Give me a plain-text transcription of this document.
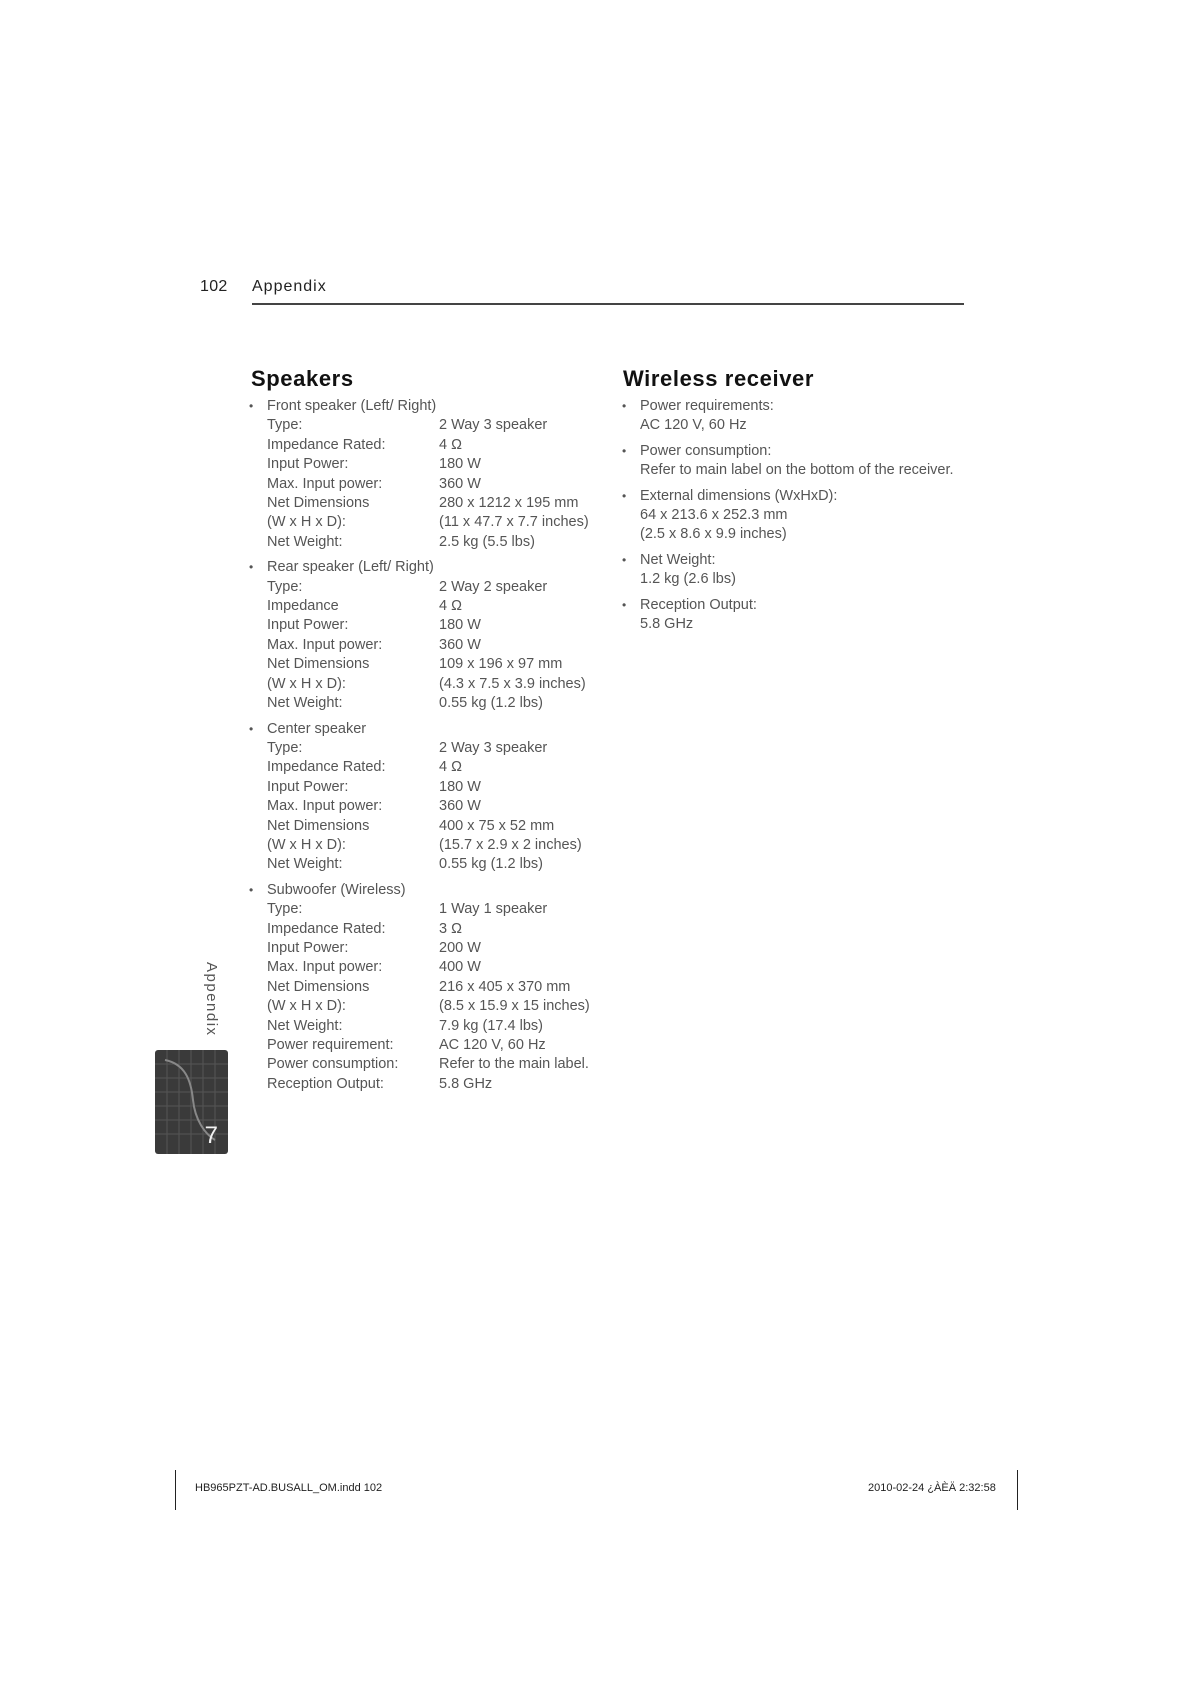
102 Appendix
Speakers	Wireless receiver
• Front speaker (Left/ Right)
Type:	2 Way 3 speaker
Impedance Rated:	4 Ω
Input Power:	180 W
Max. Input power:	360 W
Net Dimensions	280 x 1212 x 195 mm
(W x H x D):	(11 x 47.7 x 7.7 inches)
Net Weight:	2.5 kg (5.5 lbs)
• Rear speaker (Left/ Right)
Type:	2 Way 2 speaker
Impedance	4 Ω
Input Power:	180 W
Max. Input power:	360 W
Net Dimensions	109 x 196 x 97 mm
(W x H x D):	(4.3 x 7.5 x 3.9 inches)
Net Weight:	0.55 kg (1.2 lbs)
• Center speaker
Type:	2 Way 3 speaker
Impedance Rated:	4 Ω
Input Power:	180 W
Max. Input power:	360 W
Net Dimensions	400 x 75 x 52 mm
(W x H x D):	(15.7 x 2.9 x 2 inches)
Net Weight:	0.55 kg (1.2 lbs)
• Subwoofer (Wireless)
Type:	1 Way 1 speaker
Impedance Rated:	3 Ω
Input Power:	200 W
Max. Input power:	400 W
Net Dimensions	216 x 405 x 370 mm
(W x H x D):	(8.5 x 15.9 x 15 inches)
Net Weight:	7.9 kg (17.4 lbs)
Power requirement:	AC 120 V, 60 Hz
Power consumption:	Refer to the main label.
Reception Output:	5.8 GHz
• Power requirements:
AC 120 V, 60 Hz
• Power consumption:
Refer to main label on the bottom of the receiver.
• External dimensions (WxHxD):
64 x 213.6 x 252.3 mm
(2.5 x 8.6 x 9.9 inches)
• Net Weight:
1.2 kg (2.6 lbs)
• Reception Output:
5.8 GHz
Appendix
7
HB965PZT-AD.BUSALL_OM.indd 102	2010-02-24 ¿ÀÈÄ 2:32:58
